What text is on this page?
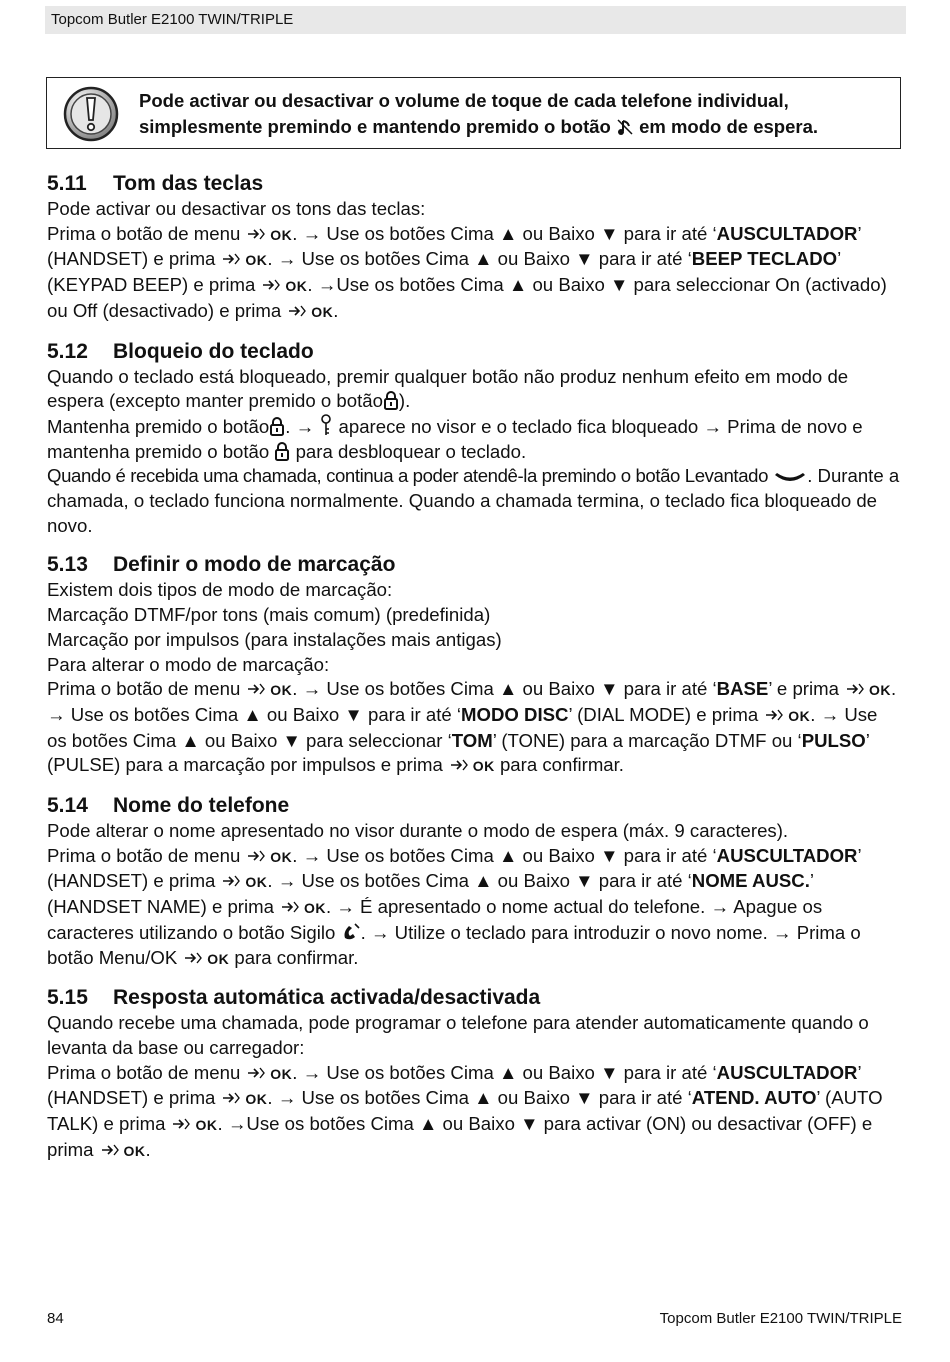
Topcom Butler E2100 TWIN/TRIPLE
Pode activar ou desactivar o volume de toque de cada telefone individual,
simplesmente premindo e mantendo premido o botão em modo de espera.
5.11 Tom das teclas
Pode activar ou desactivar os tons das teclas:
Prima o botão de menu OK. → Use os botões Cima ▲ ou Baixo ▼ para ir até ‘AUSCULTADOR’ (HANDSET) e prima OK. → Use os botões Cima ▲ ou Baixo ▼ para ir até ‘BEEP TECLADO’ (KEYPAD BEEP) e prima OK. →Use os botões Cima ▲ ou Baixo ▼ para seleccionar On (activado) ou Off (desactivado) e prima OK.
5.12 Bloqueio do teclado
Quando o teclado está bloqueado, premir qualquer botão não produz nenhum efeito em modo de espera (excepto manter premido o botão ).
Mantenha premido o botão . → aparece no visor e o teclado fica bloqueado → Prima de novo e mantenha premido o botão para desbloquear o teclado.
Quando é recebida uma chamada, continua a poder atendê-la premindo o botão Levantado . Durante a chamada, o teclado funciona normalmente. Quando a chamada termina, o teclado fica bloqueado de novo.
5.13 Definir o modo de marcação
Existem dois tipos de modo de marcação:
Marcação DTMF/por tons (mais comum) (predefinida)
Marcação por impulsos (para instalações mais antigas)
Para alterar o modo de marcação:
Prima o botão de menu OK. → Use os botões Cima ▲ ou Baixo ▼ para ir até ‘BASE’ e prima OK. → Use os botões Cima ▲ ou Baixo ▼ para ir até ‘MODO DISC’ (DIAL MODE) e prima OK. → Use os botões Cima ▲ ou Baixo ▼ para seleccionar ‘TOM’ (TONE) para a marcação DTMF ou ‘PULSO’ (PULSE) para a marcação por impulsos e prima OK para confirmar.
5.14 Nome do telefone
Pode alterar o nome apresentado no visor durante o modo de espera (máx. 9 caracteres).
Prima o botão de menu OK. → Use os botões Cima ▲ ou Baixo ▼ para ir até ‘AUSCULTADOR’ (HANDSET) e prima OK. → Use os botões Cima ▲ ou Baixo ▼ para ir até ‘NOME AUSC.’ (HANDSET NAME) e prima OK. → É apresentado o nome actual do telefone. → Apague os caracteres utilizando o botão Sigilo . → Utilize o teclado para introduzir o novo nome. → Prima o botão Menu/OK OK para confirmar.
5.15 Resposta automática activada/desactivada
Quando recebe uma chamada, pode programar o telefone para atender automaticamente quando o levanta da base ou carregador:
Prima o botão de menu OK. → Use os botões Cima ▲ ou Baixo ▼ para ir até ‘AUSCULTADOR’ (HANDSET) e prima OK. → Use os botões Cima ▲ ou Baixo ▼ para ir até ‘ATEND. AUTO’ (AUTO TALK) e prima OK. →Use os botões Cima ▲ ou Baixo ▼ para activar (ON) ou desactivar (OFF) e prima OK.
84	Topcom Butler E2100 TWIN/TRIPLE
